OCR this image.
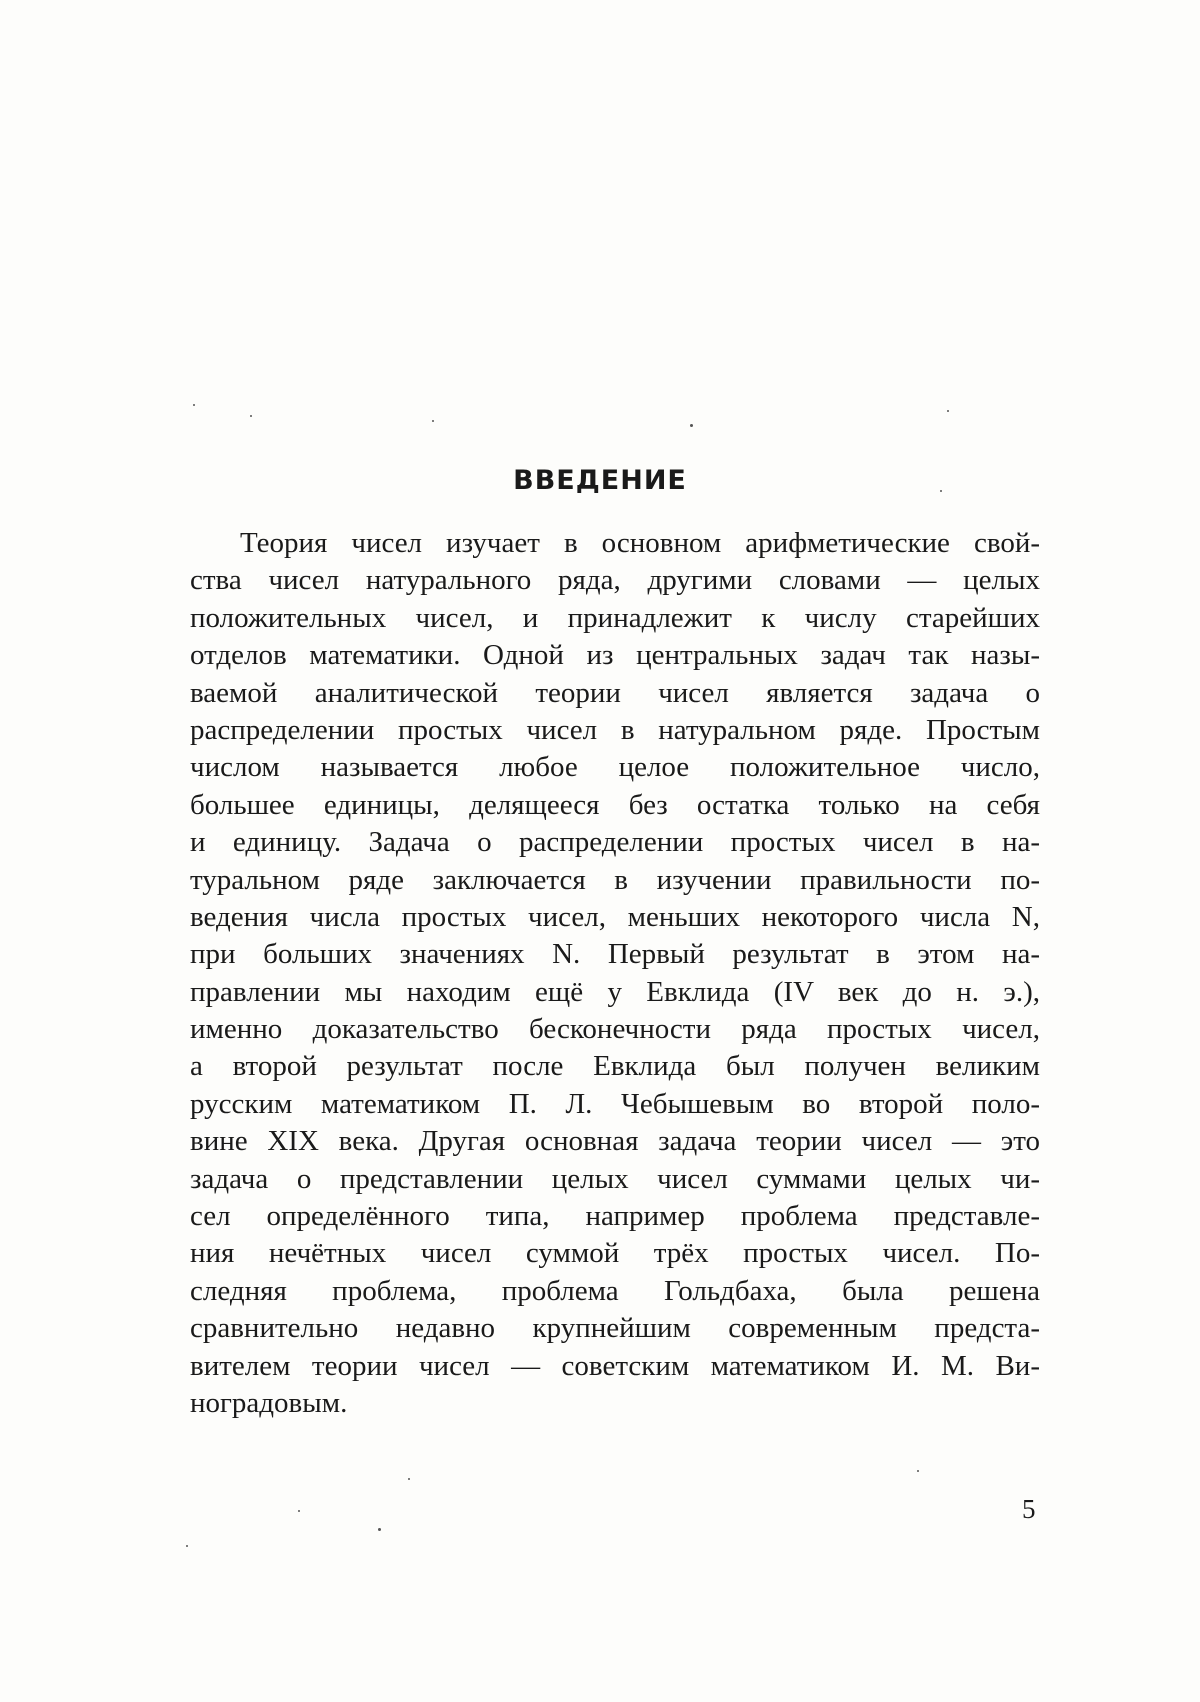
ВВЕДЕНИЕ
Теория чисел изучает в основном арифметические свой-
ства чисел натурального ряда, другими словами — целых
положительных чисел, и принадлежит к числу старейших
отделов математики. Одной из центральных задач так назы-
ваемой аналитической теории чисел является задача о
распределении простых чисел в натуральном ряде. Простым
числом называется любое целое положительное число,
большее единицы, делящееся без остатка только на себя
и единицу. Задача о распределении простых чисел в на-
туральном ряде заключается в изучении правильности по-
ведения числа простых чисел, меньших некоторого числа N,
при больших значениях N. Первый результат в этом на-
правлении мы находим ещё у Евклида (IV век до н. э.),
именно доказательство бесконечности ряда простых чисел,
а второй результат после Евклида был получен великим
русским математиком П. Л. Чебышевым во второй поло-
вине XIX века. Другая основная задача теории чисел — это
задача о представлении целых чисел суммами целых чи-
сел определённого типа, например проблема представле-
ния нечётных чисел суммой трёх простых чисел. По-
следняя проблема, проблема Гольдбаха, была решена
сравнительно недавно крупнейшим современным предста-
вителем теории чисел — советским математиком И. М. Ви-
ноградовым.
5
